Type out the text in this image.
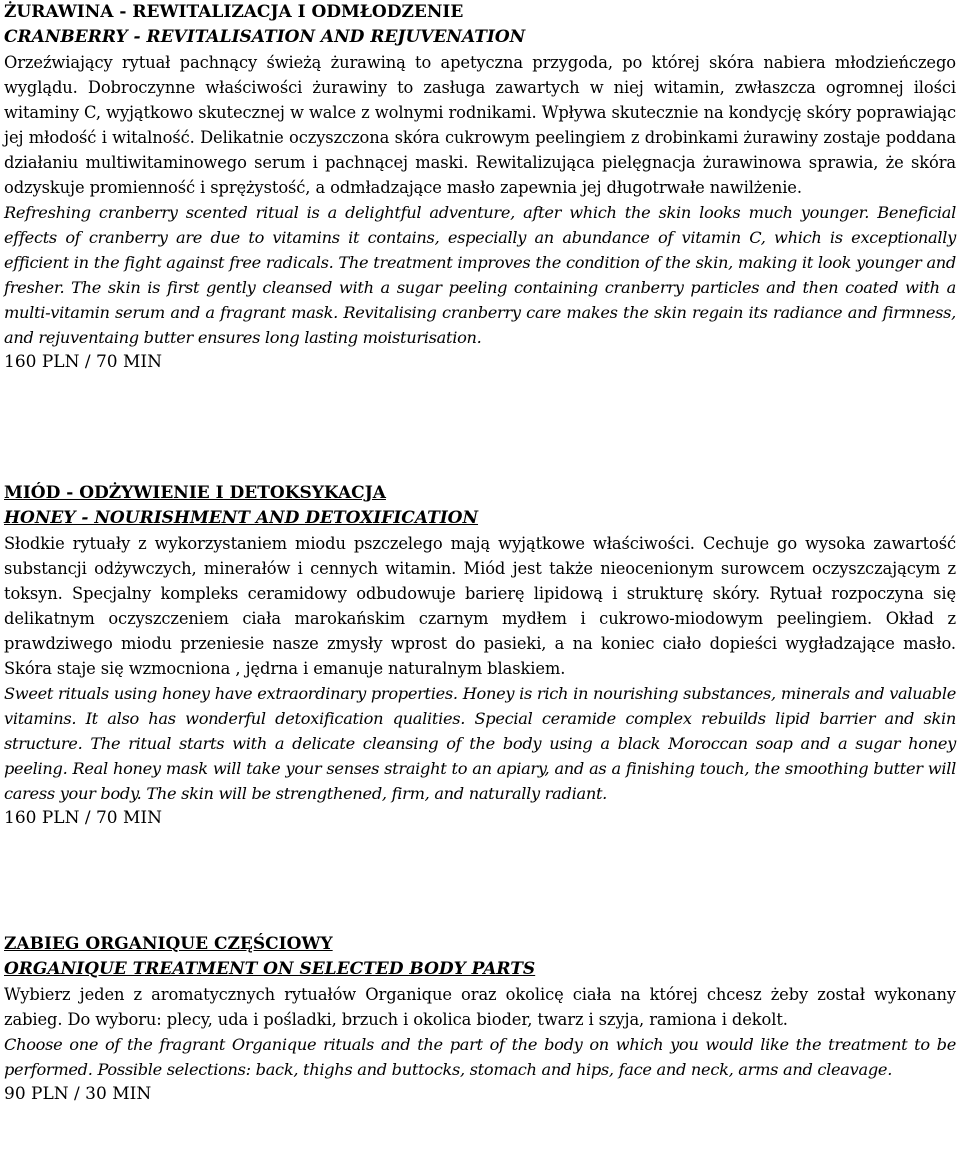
ŻURAWINA - REWITALIZACJA I ODMŁODZENIE
CRANBERRY - REVITALISATION AND REJUVENATION
Orzeźwiający rytuał pachnący świeżą żurawiną to apetyczna przygoda, po której skóra nabiera młodzieńczego wyglądu. Dobroczynne właściwości żurawiny to zasługa zawartych w niej witamin, zwłaszcza ogromnej ilości witaminy C, wyjątkowo skutecznej w walce z wolnymi rodnikami. Wpływa skutecznie na kondycję skóry poprawiając jej młodość i witalność. Delikatnie oczyszczona skóra cukrowym peelingiem z drobinkami żurawiny zostaje poddana działaniu multiwitaminowego serum i pachnącej maski. Rewitalizująca pielęgnacja żurawinowa sprawia, że skóra odzyskuje promienność i sprężystość, a odmładzające masło zapewnia jej długotrwałe nawilżenie.
Refreshing cranberry scented ritual is a delightful adventure, after which the skin looks much younger. Beneficial effects of cranberry are due to vitamins it contains, especially an abundance of vitamin C, which is exceptionally efficient in the fight against free radicals. The treatment improves the condition of the skin, making it look younger and fresher. The skin is first gently cleansed with a sugar peeling containing cranberry particles and then coated with a multi-vitamin serum and a fragrant mask. Revitalising cranberry care makes the skin regain its radiance and firmness, and rejuventaing butter ensures long lasting moisturisation.
160 PLN / 70 MIN
MIÓD - ODŻYWIENIE I DETOKSYKACJA
HONEY - NOURISHMENT AND DETOXIFICATION
Słodkie rytuały z wykorzystaniem miodu pszczelego mają wyjątkowe właściwości. Cechuje go wysoka zawartość substancji odżywczych, minerałów i cennych witamin. Miód jest także nieocenionym surowcem oczyszczającym z toksyn. Specjalny kompleks ceramidowy odbudowuje barierę lipidową i strukturę skóry. Rytuał rozpoczyna się delikatnym oczyszczeniem ciała marokańskim czarnym mydłem i cukrowo-miodowym peelingiem. Okład z prawdziwego miodu przeniesie nasze zmysły wprost do pasieki, a na koniec ciało dopieści wygładzające masło. Skóra staje się wzmocniona , jędrna i emanuje naturalnym blaskiem.
Sweet rituals using honey have extraordinary properties. Honey is rich in nourishing substances, minerals and valuable vitamins. It also has wonderful detoxification qualities. Special ceramide complex rebuilds lipid barrier and skin structure. The ritual starts with a delicate cleansing of the body using a black Moroccan soap and a sugar honey peeling. Real honey mask will take your senses straight to an apiary, and as a finishing touch, the smoothing butter will caress your body. The skin will be strengthened, firm, and naturally radiant.
160 PLN / 70 MIN
ZABIEG ORGANIQUE CZĘŚCIOWY
ORGANIQUE TREATMENT ON SELECTED BODY PARTS
Wybierz jeden z aromatycznych rytuałów Organique oraz okolicę ciała na której chcesz żeby został wykonany zabieg. Do wyboru: plecy, uda i pośladki, brzuch i okolica bioder, twarz i szyja, ramiona i dekolt.
Choose one of the fragrant Organique rituals and the part of the body on which you would like the treatment to be performed. Possible selections: back, thighs and buttocks, stomach and hips, face and neck, arms and cleavage.
90 PLN / 30 MIN
